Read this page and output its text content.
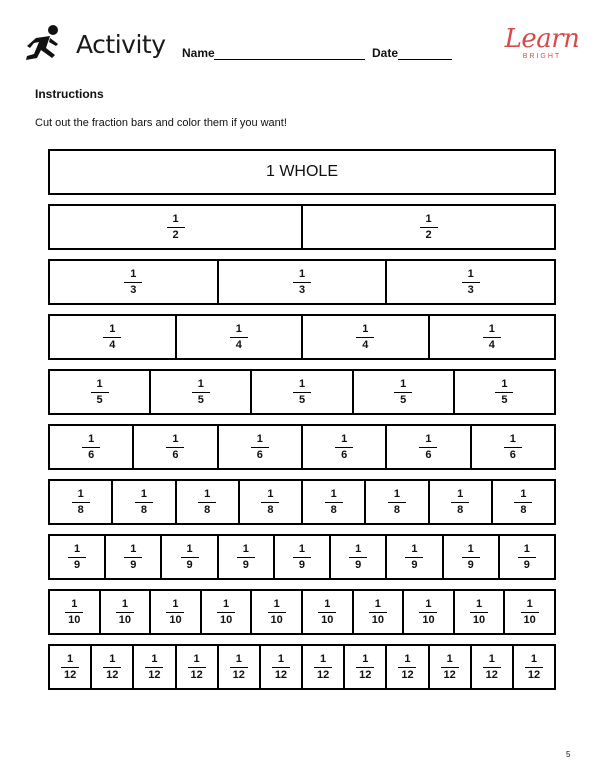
Activity Name	Date	Learn
BRIGHT
Instructions
Cut out the fraction bars and color them if you want!
1 WHOLE
$\frac{1}{2}$	$\frac{1}{2}$
$\frac{1}{3}$	$\frac{1}{3}$	$\frac{1}{3}$
$\frac{1}{4}$	$\frac{1}{4}$	$\frac{1}{4}$	$\frac{1}{4}$
$\frac{1}{5}$	$\frac{1}{5}$	$\frac{1}{5}$	$\frac{1}{5}$	$\frac{1}{5}$
$\frac{1}{6}$	$\frac{1}{6}$	$\frac{1}{6}$	$\frac{1}{6}$	$\frac{1}{6}$	$\frac{1}{6}$
$\frac{1}{8}$	$\frac{1}{8}$	$\frac{1}{8}$	$\frac{1}{8}$	$\frac{1}{8}$	$\frac{1}{8}$	$\frac{1}{8}$	$\frac{1}{8}$
$\frac{1}{9}$	$\frac{1}{9}$	$\frac{1}{9}$	$\frac{1}{9}$	$\frac{1}{9}$	$\frac{1}{9}$	$\frac{1}{9}$	$\frac{1}{9}$	$\frac{1}{9}$
$\frac{1}{10}$	$\frac{1}{10}$	$\frac{1}{10}$	$\frac{1}{10}$	$\frac{1}{10}$	$\frac{1}{10}$	$\frac{1}{10}$	$\frac{1}{10}$	$\frac{1}{10}$	$\frac{1}{10}$
$\frac{1}{12} \frac{1}{12} \frac{1}{12} \frac{1}{12} \frac{1}{12} \frac{1}{12} \frac{1}{12} \frac{1}{12} \frac{1}{12} \frac{1}{12} \frac{1}{12} \frac{1}{12}$
5
